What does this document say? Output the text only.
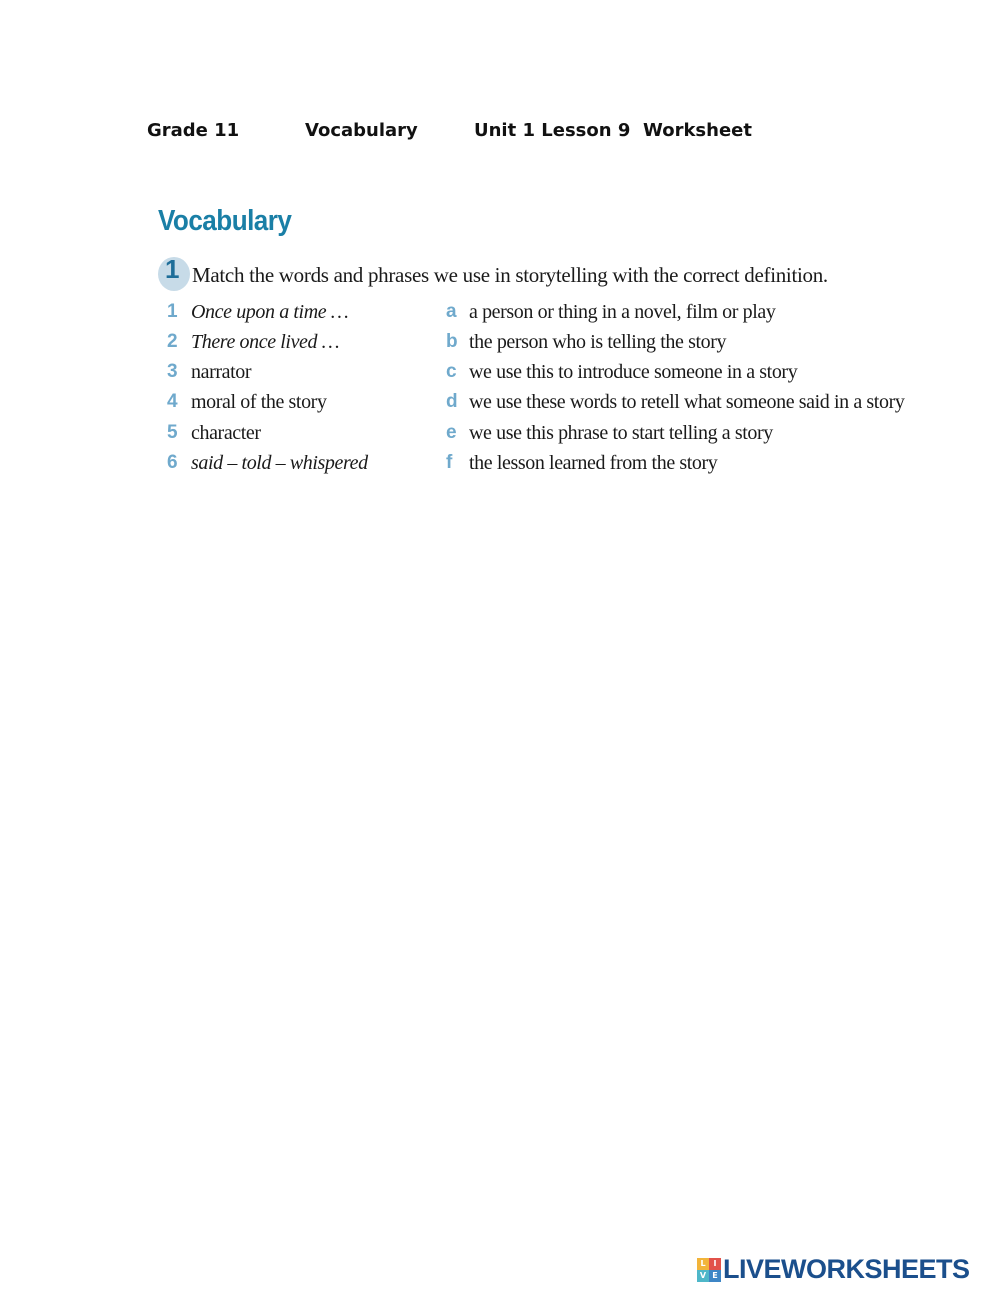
Grade 11	Vocabulary	Unit 1 Lesson 9 Worksheet
Vocabulary
1 Match the words and phrases we use in storytelling with the correct definition.
1 Once upon a time …	a a person or thing in a novel, film or play
2 There once lived …	b the person who is telling the story
3 narrator	c we use this to introduce someone in a story
4 moral of the story	d we use these words to retell what someone said in a story
5 character	e we use this phrase to start telling a story
6 said – told – whispered	f the lesson learned from the story
L I
V E LIVEWORKSHEETS
